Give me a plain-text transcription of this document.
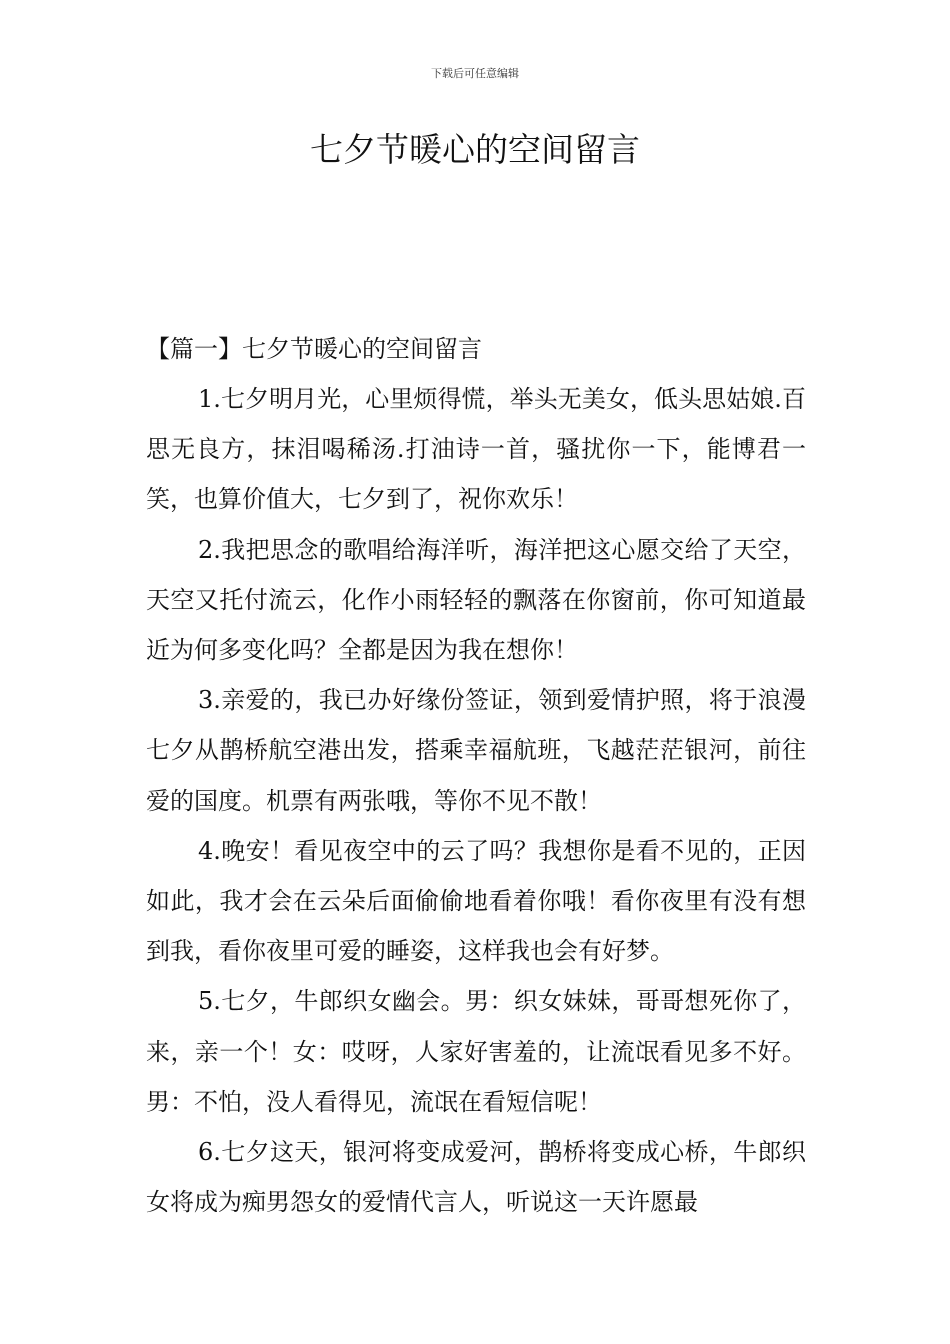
下载后可任意编辑
七夕节暖心的空间留言

【篇一】七夕节暖心的空间留言

1.七夕明月光，心里烦得慌，举头无美女，低头思姑娘.百思无良方，抹泪喝稀汤.打油诗一首，骚扰你一下，能博君一笑，也算价值大，七夕到了，祝你欢乐！

2.我把思念的歌唱给海洋听，海洋把这心愿交给了天空，天空又托付流云，化作小雨轻轻的飘落在你窗前，你可知道最近为何多变化吗？全都是因为我在想你！

3.亲爱的，我已办好缘份签证，领到爱情护照，将于浪漫七夕从鹊桥航空港出发，搭乘幸福航班，飞越茫茫银河，前往爱的国度。机票有两张哦，等你不见不散！

4.晚安！看见夜空中的云了吗？我想你是看不见的，正因如此，我才会在云朵后面偷偷地看着你哦！看你夜里有没有想到我，看你夜里可爱的睡姿，这样我也会有好梦。

5.七夕，牛郎织女幽会。男：织女妹妹，哥哥想死你了，来，亲一个！女：哎呀，人家好害羞的，让流氓看见多不好。男：不怕，没人看得见，流氓在看短信呢！

6.七夕这天，银河将变成爱河，鹊桥将变成心桥，牛郎织女将成为痴男怨女的爱情代言人，听说这一天许愿最
